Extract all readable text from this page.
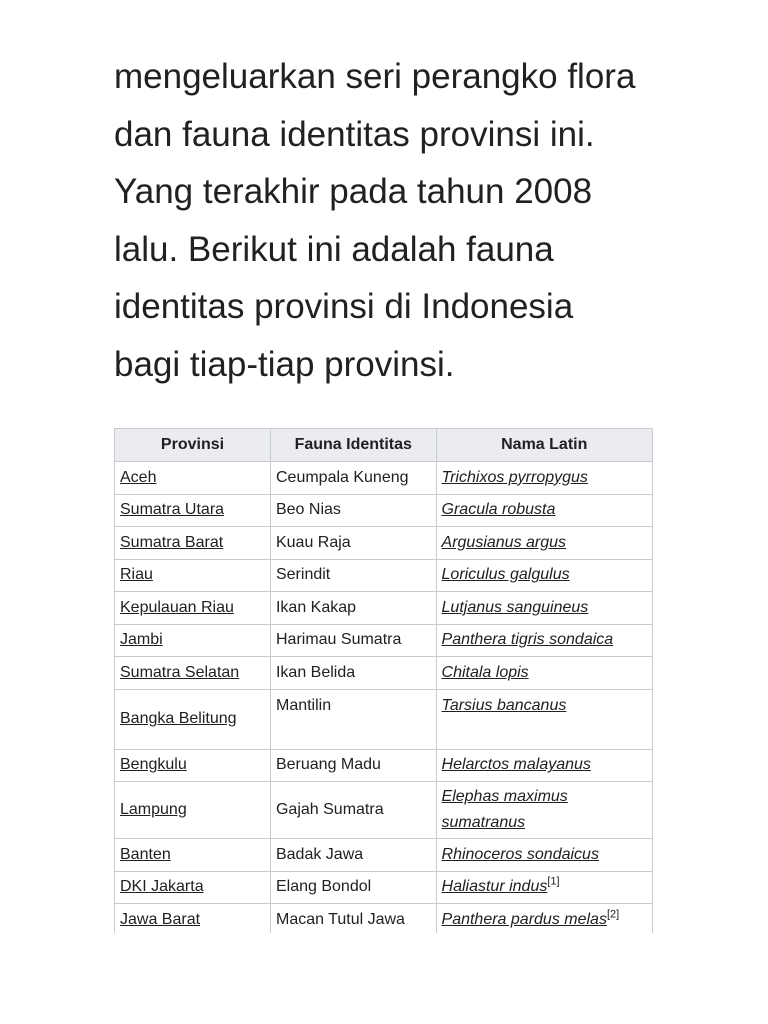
mengeluarkan seri perangko flora
dan fauna identitas provinsi ini.
Yang terakhir pada tahun 2008
lalu. Berikut ini adalah fauna
identitas provinsi di Indonesia
bagi tiap-tiap provinsi.

Provinsi	Fauna Identitas	Nama Latin
Aceh	Ceumpala Kuneng	Trichixos pyrropygus
Sumatra Utara	Beo Nias	Gracula robusta
Sumatra Barat	Kuau Raja	Argusianus argus
Riau	Serindit	Loriculus galgulus
Kepulauan Riau	Ikan Kakap	Lutjanus sanguineus
Jambi	Harimau Sumatra	Panthera tigris sondaica
Sumatra Selatan	Ikan Belida	Chitala lopis
Bangka Belitung	Mantilin	Tarsius bancanus
Bengkulu	Beruang Madu	Helarctos malayanus
Lampung	Gajah Sumatra	Elephas maximus sumatranus
Banten	Badak Jawa	Rhinoceros sondaicus
DKI Jakarta	Elang Bondol	Haliastur indus[1]
Jawa Barat	Macan Tutul Jawa	Panthera pardus melas[2]
